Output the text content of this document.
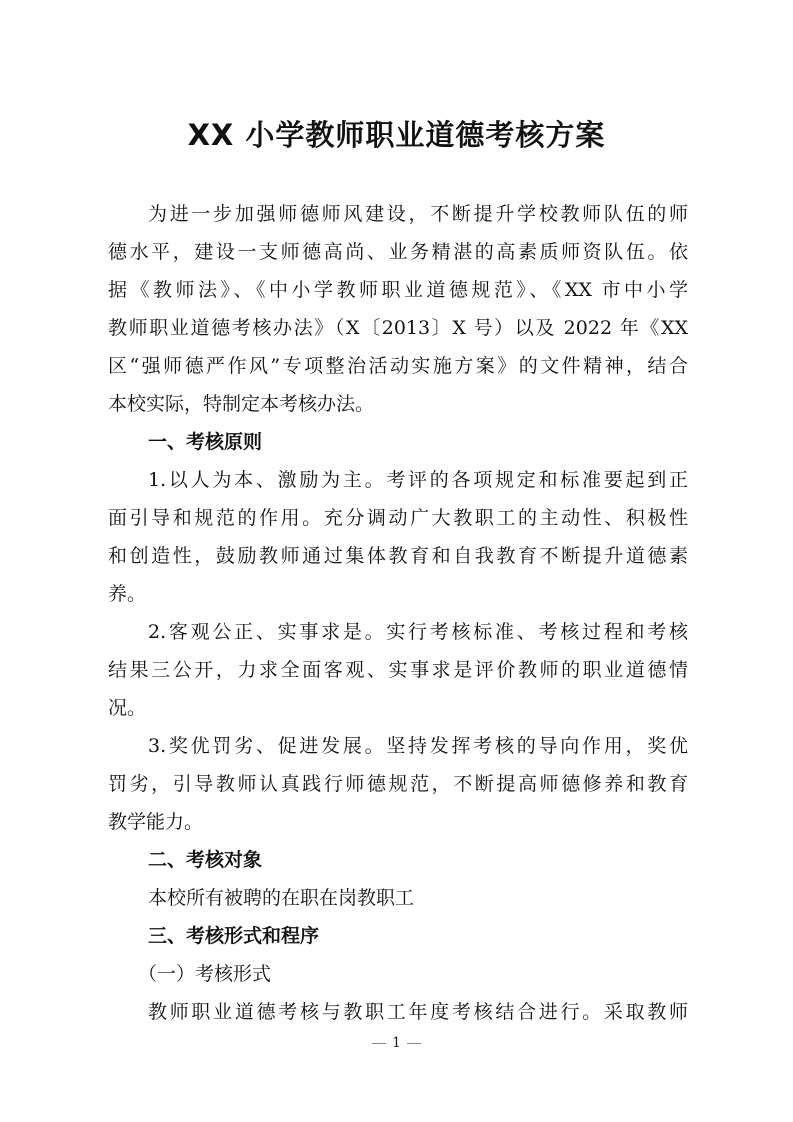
XX 小学教师职业道德考核方案
为进一步加强师德师风建设，不断提升学校教师队伍的师
德水平，建设一支师德高尚、业务精湛的高素质师资队伍。依
据《教师法》、《中小学教师职业道德规范》、《XX 市中小学
教师职业道德考核办法》（X〔2013〕X 号）以及 2022 年《XX
区“强师德严作风”专项整治活动实施方案》的文件精神，结合
本校实际，特制定本考核办法。
一、考核原则
1.以人为本、激励为主。考评的各项规定和标准要起到正
面引导和规范的作用。充分调动广大教职工的主动性、积极性
和创造性，鼓励教师通过集体教育和自我教育不断提升道德素
养。
2.客观公正、实事求是。实行考核标准、考核过程和考核
结果三公开，力求全面客观、实事求是评价教师的职业道德情
况。
3.奖优罚劣、促进发展。坚持发挥考核的导向作用，奖优
罚劣，引导教师认真践行师德规范，不断提高师德修养和教育
教学能力。
二、考核对象
本校所有被聘的在职在岗教职工
三、考核形式和程序
（一）考核形式
教师职业道德考核与教职工年度考核结合进行。采取教师
1
